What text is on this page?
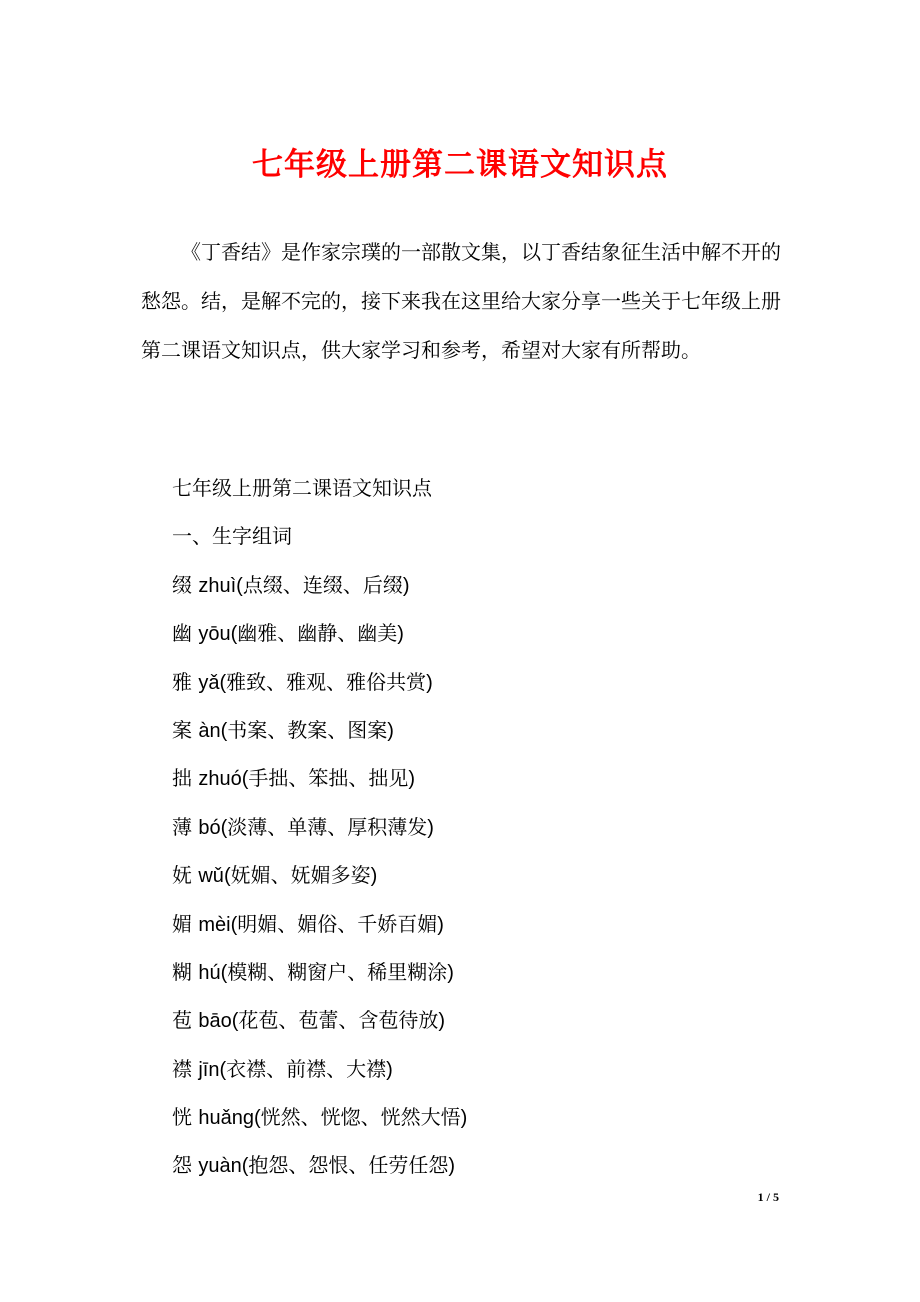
七年级上册第二课语文知识点

《丁香结》是作家宗璞的一部散文集，以丁香结象征生活中解不开的愁怨。结，是解不完的，接下来我在这里给大家分享一些关于七年级上册第二课语文知识点，供大家学习和参考，希望对大家有所帮助。

七年级上册第二课语文知识点
一、生字组词
缀 zhuì(点缀、连缀、后缀)
幽 yōu(幽雅、幽静、幽美)
雅 yǎ(雅致、雅观、雅俗共赏)
案 àn(书案、教案、图案)
拙 zhuó(手拙、笨拙、拙见)
薄 bó(淡薄、单薄、厚积薄发)
妩 wǔ(妩媚、妩媚多姿)
媚 mèi(明媚、媚俗、千娇百媚)
糊 hú(模糊、糊窗户、稀里糊涂)
苞 bāo(花苞、苞蕾、含苞待放)
襟 jīn(衣襟、前襟、大襟)
恍 huǎng(恍然、恍惚、恍然大悟)
怨 yuàn(抱怨、怨恨、任劳任怨)
1 / 5
